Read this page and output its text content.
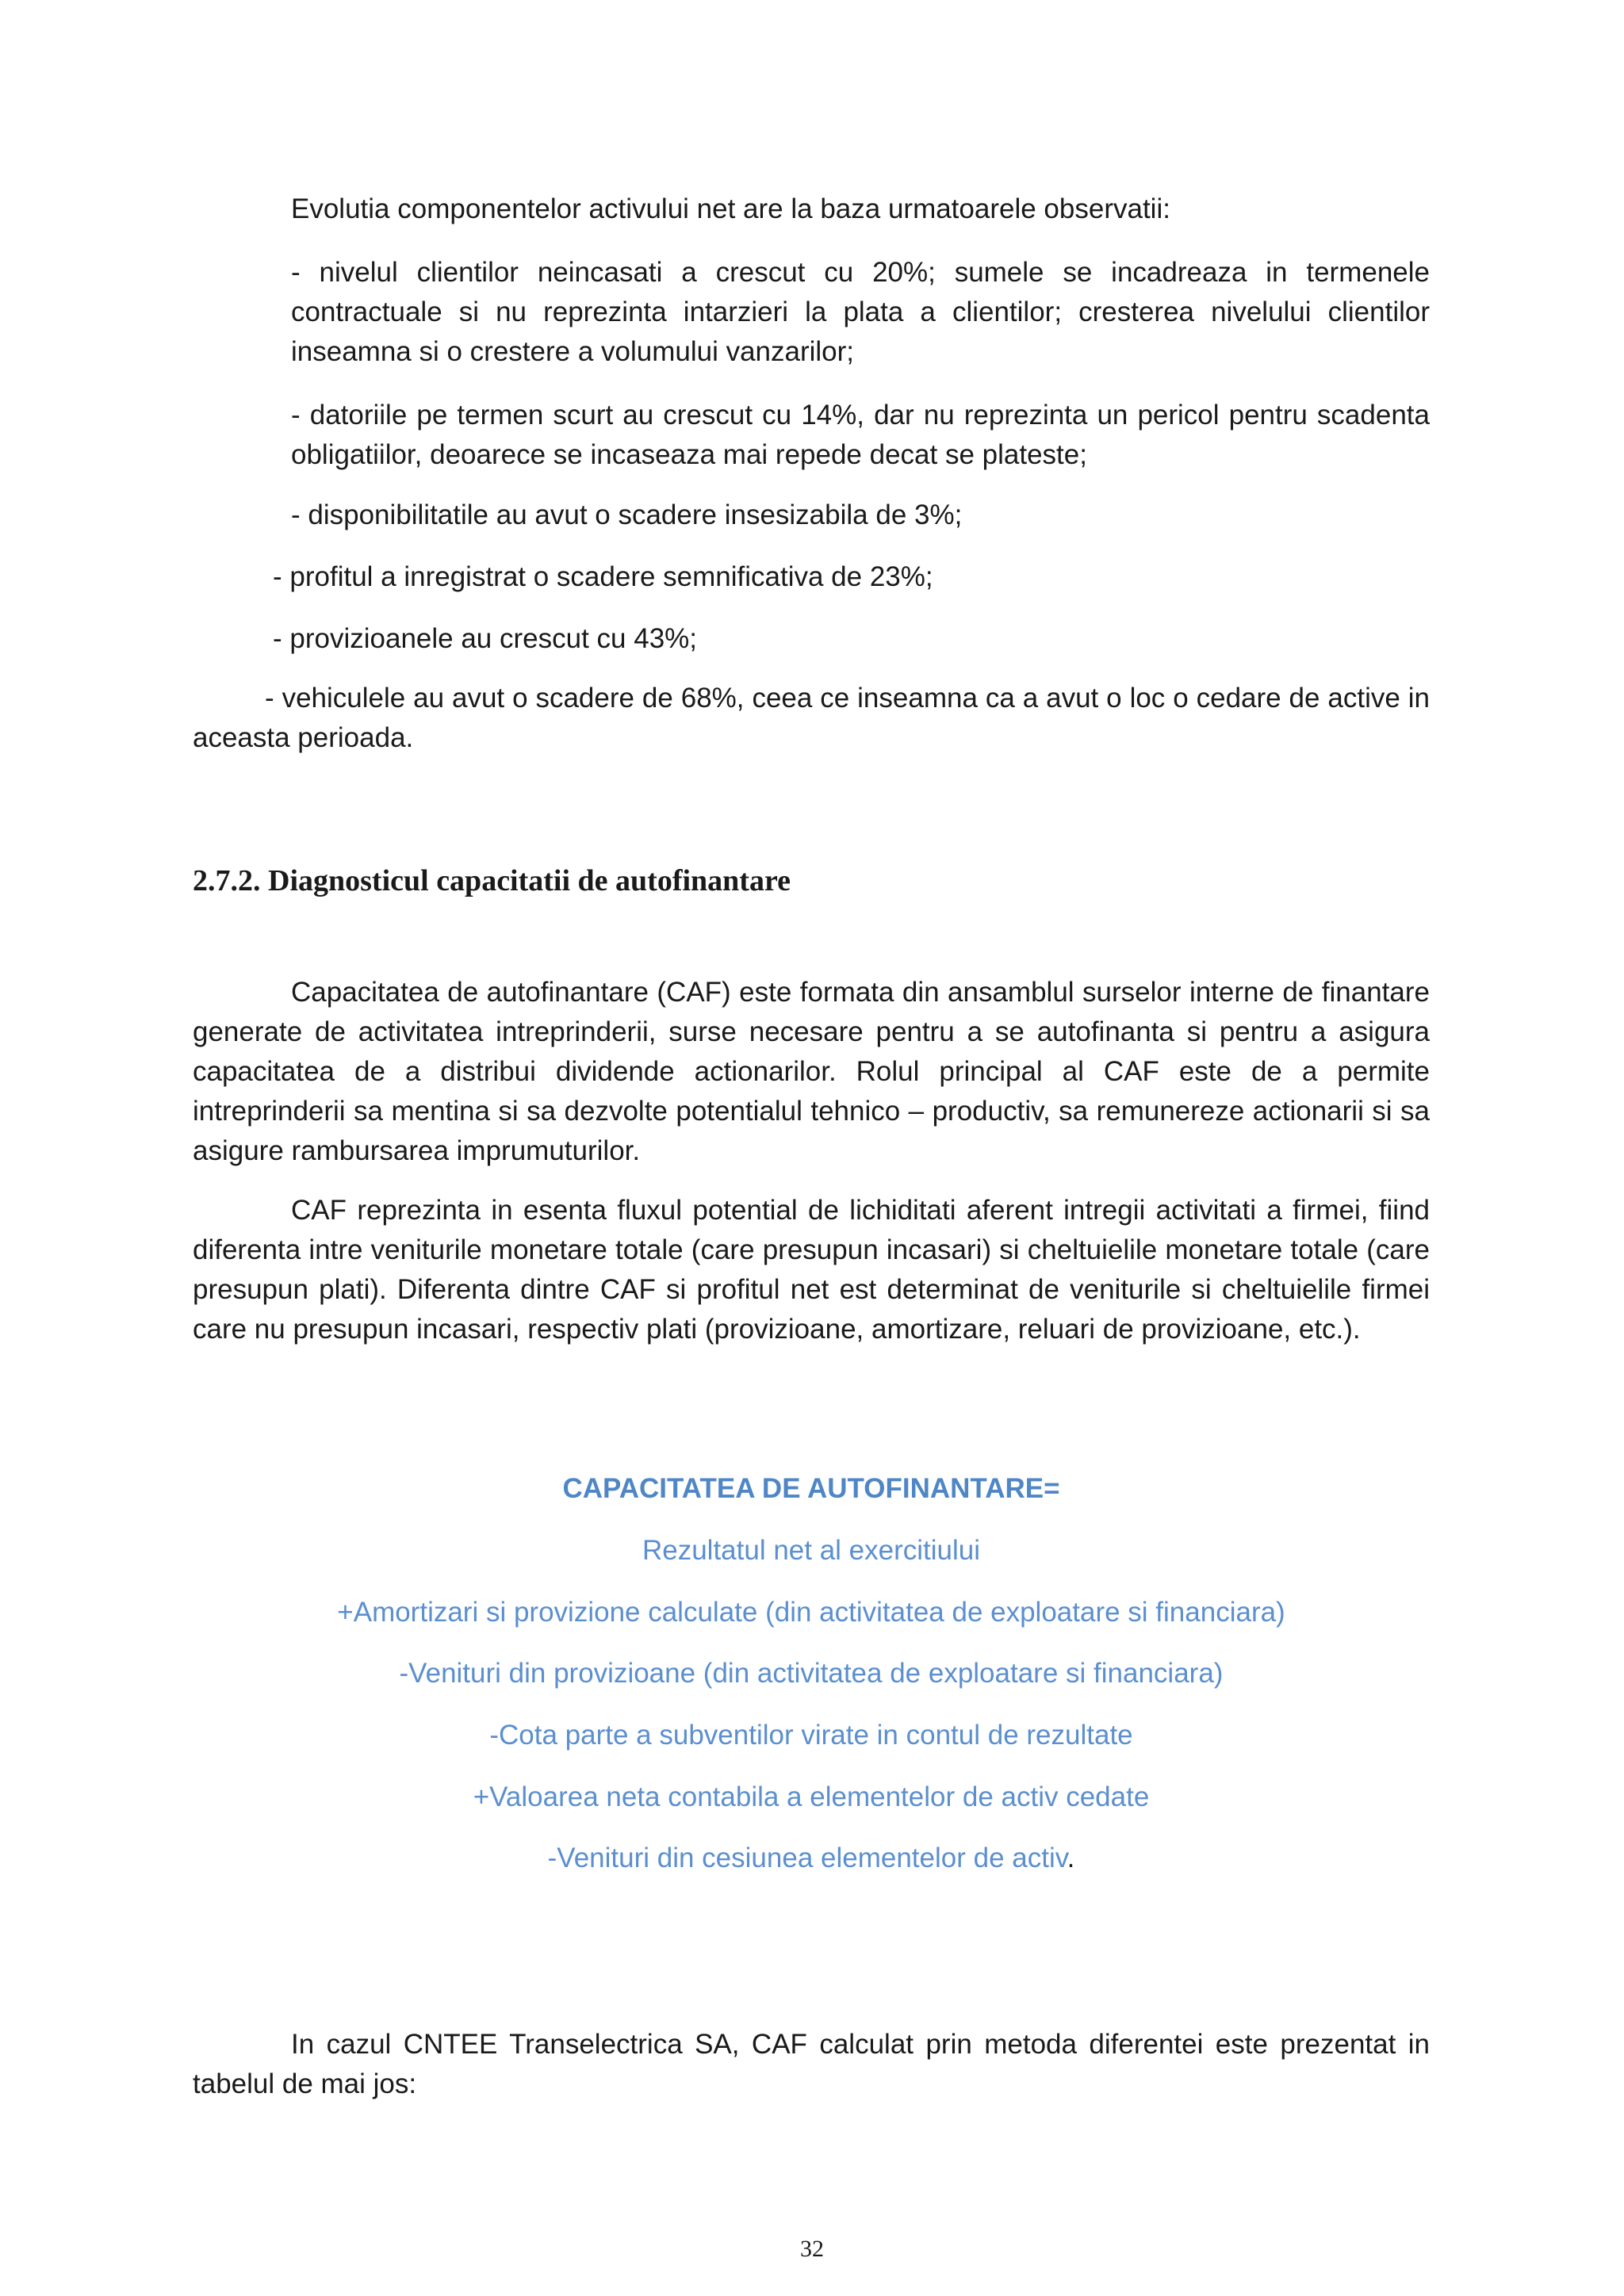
Evolutia componentelor activului net are la baza urmatoarele observatii:

- nivelul clientilor neincasati a crescut cu 20%; sumele se incadreaza in termenele contractuale si nu reprezinta intarzieri la plata a clientilor; cresterea nivelului clientilor inseamna si o crestere a volumului vanzarilor;

- datoriile pe termen scurt au crescut cu 14%, dar nu reprezinta un pericol pentru scadenta obligatiilor, deoarece se incaseaza mai repede decat se plateste;

- disponibilitatile au avut o scadere insesizabila de 3%;

- profitul a inregistrat o scadere semnificativa de 23%;

- provizioanele au crescut cu 43%;

- vehiculele au avut o scadere de 68%, ceea ce inseamna ca a avut o loc o cedare de active in aceasta perioada.

2.7.2. Diagnosticul capacitatii de autofinantare

Capacitatea de autofinantare (CAF) este formata din ansamblul surselor interne de finantare generate de activitatea intreprinderii, surse necesare pentru a se autofinanta si pentru a asigura capacitatea de a distribui dividende actionarilor. Rolul principal al CAF este de a permite intreprinderii sa mentina si sa dezvolte potentialul tehnico – productiv, sa remunereze actionarii si sa asigure rambursarea imprumuturilor.

CAF reprezinta in esenta fluxul potential de lichiditati aferent intregii activitati a firmei, fiind diferenta intre veniturile monetare totale (care presupun incasari) si cheltuielile monetare totale (care presupun plati). Diferenta dintre CAF si profitul net est determinat de veniturile si cheltuielile firmei care nu presupun incasari, respectiv plati (provizioane, amortizare, reluari de provizioane, etc.).

CAPACITATEA DE AUTOFINANTARE=

Rezultatul net al exercitiului

+Amortizari si provizione calculate (din activitatea de exploatare si financiara)

-Venituri din provizioane (din activitatea de exploatare si financiara)

-Cota parte a subventilor virate in contul de rezultate

+Valoarea neta contabila a elementelor de activ cedate

-Venituri din cesiunea elementelor de activ.

In cazul CNTEE Transelectrica SA, CAF calculat prin metoda diferentei este prezentat in tabelul de mai jos:

32
